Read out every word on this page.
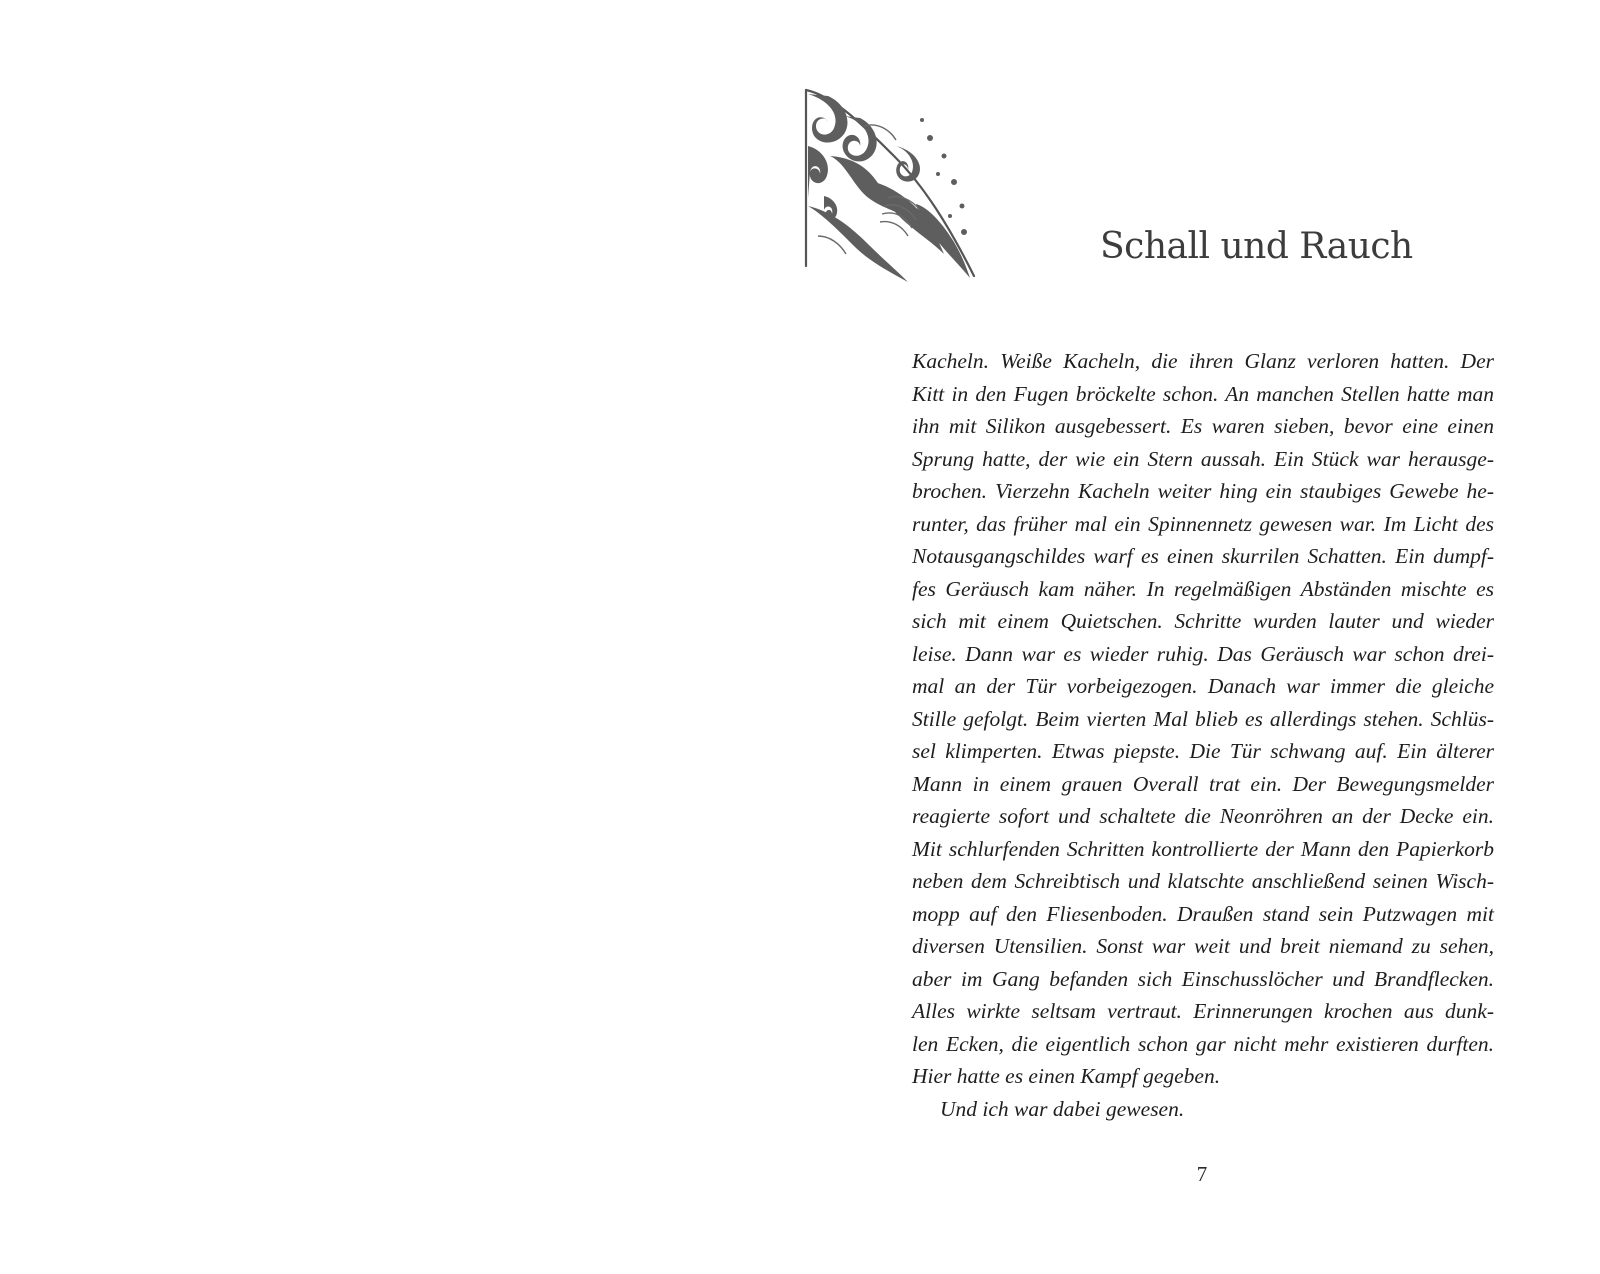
Schall und Rauch
Kacheln. Weiße Kacheln, die ihren Glanz verloren hatten. Der
Kitt in den Fugen bröckelte schon. An manchen Stellen hatte man
ihn mit Silikon ausgebessert. Es waren sieben, bevor eine einen
Sprung hatte, der wie ein Stern aussah. Ein Stück war herausge-
brochen. Vierzehn Kacheln weiter hing ein staubiges Gewebe he-
runter, das früher mal ein Spinnennetz gewesen war. Im Licht des
Notausgangschildes warf es einen skurrilen Schatten. Ein dumpf-
fes Geräusch kam näher. In regelmäßigen Abständen mischte es
sich mit einem Quietschen. Schritte wurden lauter und wieder
leise. Dann war es wieder ruhig. Das Geräusch war schon drei-
mal an der Tür vorbeigezogen. Danach war immer die gleiche
Stille gefolgt. Beim vierten Mal blieb es allerdings stehen. Schlüs-
sel klimperten. Etwas piepste. Die Tür schwang auf. Ein älterer
Mann in einem grauen Overall trat ein. Der Bewegungsmelder
reagierte sofort und schaltete die Neonröhren an der Decke ein.
Mit schlurfenden Schritten kontrollierte der Mann den Papierkorb
neben dem Schreibtisch und klatschte anschließend seinen Wisch-
mopp auf den Fliesenboden. Draußen stand sein Putzwagen mit
diversen Utensilien. Sonst war weit und breit niemand zu sehen,
aber im Gang befanden sich Einschusslöcher und Brandflecken.
Alles wirkte seltsam vertraut. Erinnerungen krochen aus dunk-
len Ecken, die eigentlich schon gar nicht mehr existieren durften.
Hier hatte es einen Kampf gegeben.
Und ich war dabei gewesen.
7
